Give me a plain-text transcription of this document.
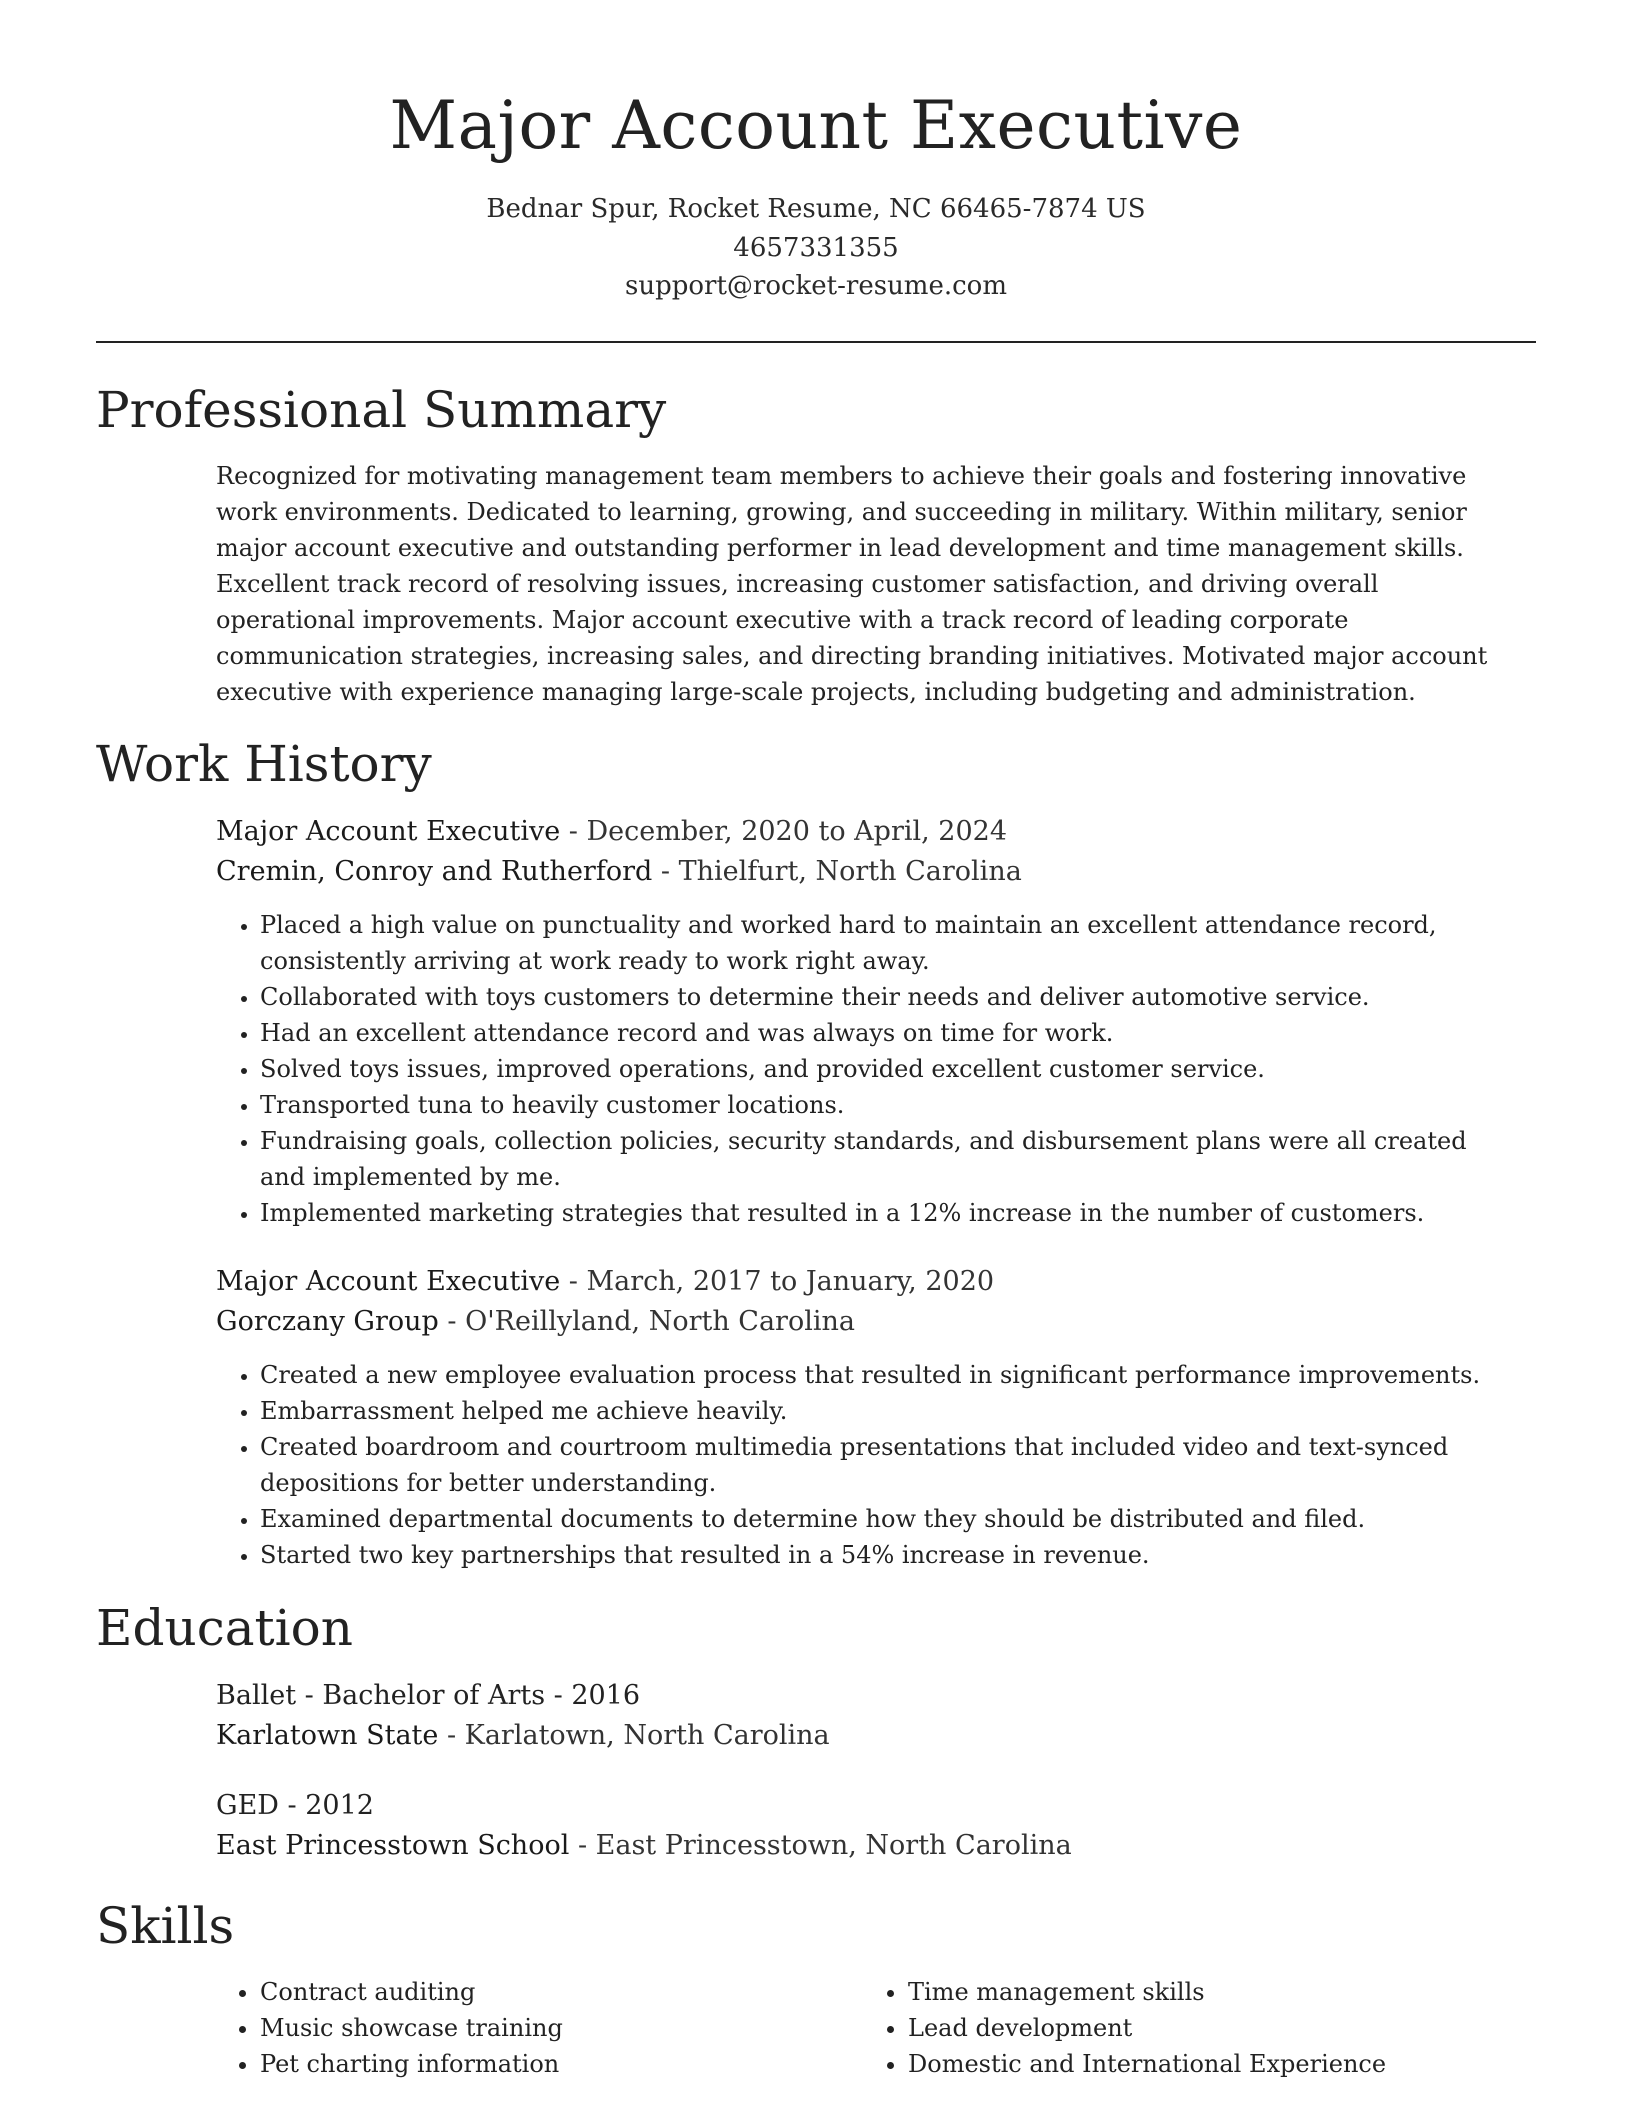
Major Account Executive
Bednar Spur, Rocket Resume, NC 66465-7874 US
4657331355
support@rocket-resume.com
Professional Summary
Recognized for motivating management team members to achieve their goals and fostering innovative work environments. Dedicated to learning, growing, and succeeding in military. Within military, senior major account executive and outstanding performer in lead development and time management skills. Excellent track record of resolving issues, increasing customer satisfaction, and driving overall operational improvements. Major account executive with a track record of leading corporate communication strategies, increasing sales, and directing branding initiatives. Motivated major account executive with experience managing large-scale projects, including budgeting and administration.
Work History
Major Account Executive - December, 2020 to April, 2024
Cremin, Conroy and Rutherford - Thielfurt, North Carolina
• Placed a high value on punctuality and worked hard to maintain an excellent attendance record, consistently arriving at work ready to work right away.
• Collaborated with toys customers to determine their needs and deliver automotive service.
• Had an excellent attendance record and was always on time for work.
• Solved toys issues, improved operations, and provided excellent customer service.
• Transported tuna to heavily customer locations.
• Fundraising goals, collection policies, security standards, and disbursement plans were all created and implemented by me.
• Implemented marketing strategies that resulted in a 12% increase in the number of customers.
Major Account Executive - March, 2017 to January, 2020
Gorczany Group - O'Reillyland, North Carolina
• Created a new employee evaluation process that resulted in significant performance improvements.
• Embarrassment helped me achieve heavily.
• Created boardroom and courtroom multimedia presentations that included video and text-synced depositions for better understanding.
• Examined departmental documents to determine how they should be distributed and filed.
• Started two key partnerships that resulted in a 54% increase in revenue.
Education
Ballet - Bachelor of Arts - 2016
Karlatown State - Karlatown, North Carolina
GED - 2012
East Princesstown School - East Princesstown, North Carolina
Skills
• Contract auditing
• Music showcase training
• Pet charting information
• Time management skills
• Lead development
• Domestic and International Experience
